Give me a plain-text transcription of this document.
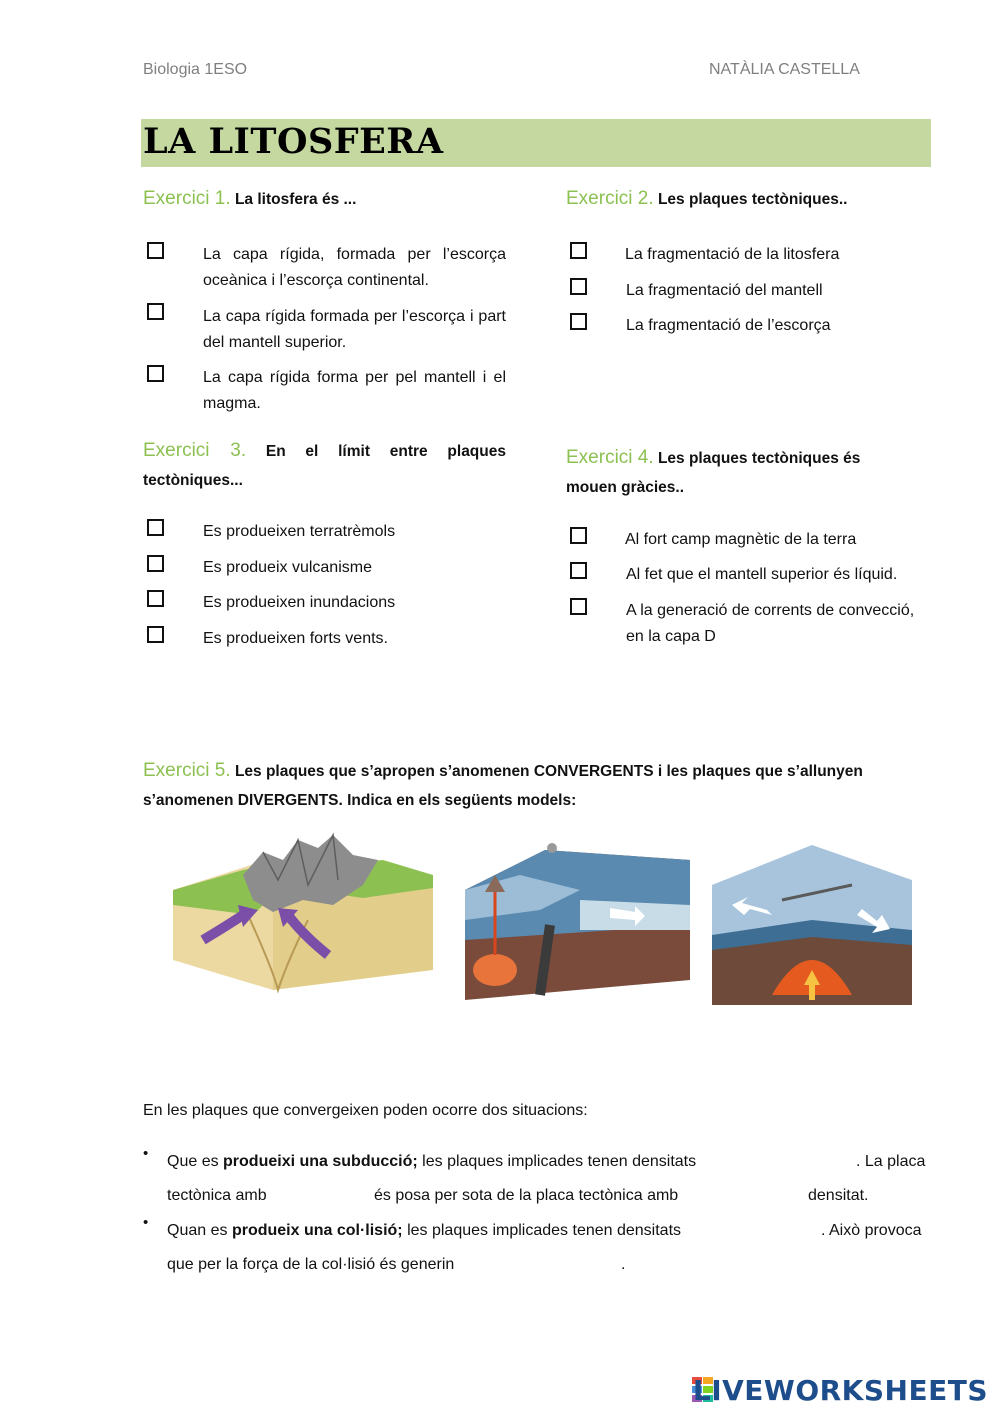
Biologia 1ESO	NATÀLIA CASTELLA
LA LITOSFERA
Exercici 1. La litosfera és ...
La capa rígida, formada per l’escorça oceànica i l’escorça continental.
La capa rígida formada per l’escorça i part del mantell superior.
La capa rígida forma per pel mantell i el magma.
Exercici 2. Les plaques tectòniques..
La fragmentació de la litosfera
La fragmentació del mantell
La fragmentació de l’escorça
Exercici 3. En el límit entre plaques tectòniques...
Es produeixen terratrèmols
Es produeix vulcanisme
Es produeixen inundacions
Es produeixen forts vents.
Exercici 4. Les plaques tectòniques és mouen gràcies..
Al fort camp magnètic de la terra
Al fet que el mantell superior és líquid.
A la generació de corrents de convecció, en la capa D
Exercici 5. Les plaques que s’apropen s’anomenen CONVERGENTS i les plaques que s’allunyen s’anomenen DIVERGENTS. Indica en els següents models:
En les plaques que convergeixen poden ocorre dos situacions:
• Que es produeixi una subducció; les plaques implicades tenen densitats	. La placa
tectònica amb	és posa per sota de la placa tectònica amb	densitat.
• Quan es produeix una col·lisió; les plaques implicades tenen densitats	. Això provoca
que per la força de la col·lisió és generin	.
LIVEWORKSHEETS
